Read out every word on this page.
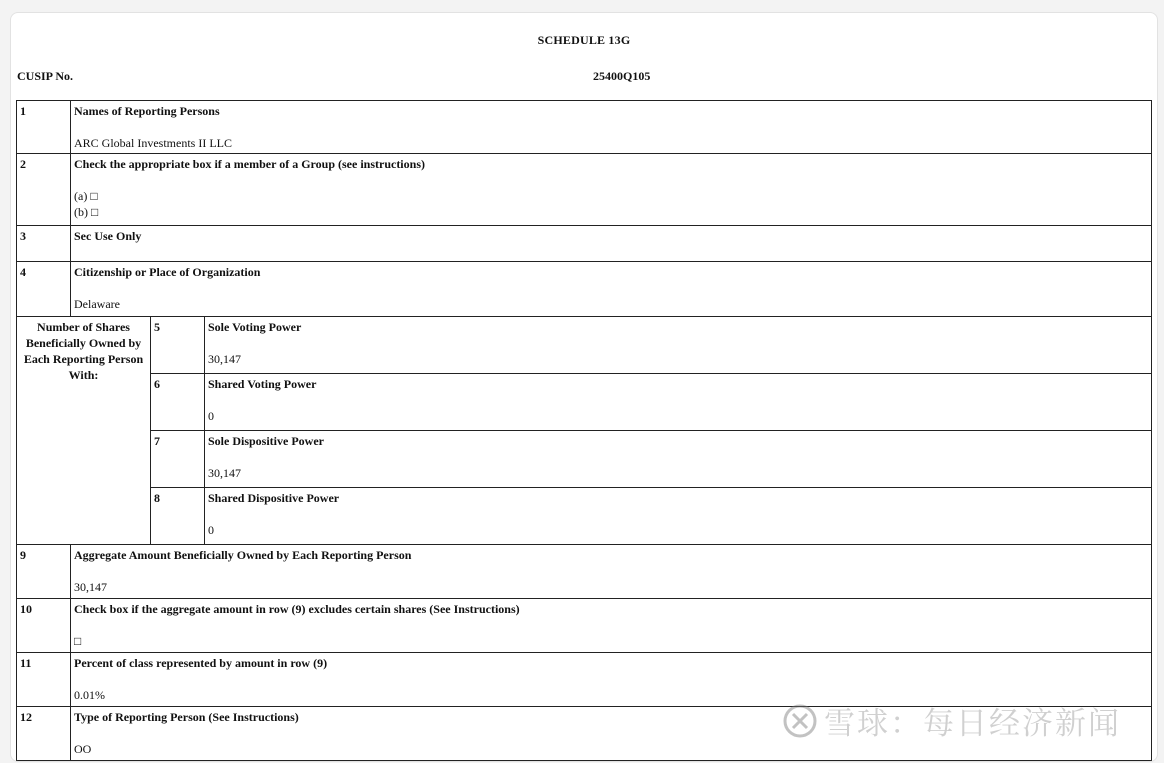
SCHEDULE 13G
CUSIP No.	25400Q105
1	Names of Reporting Persons
ARC Global Investments II LLC		

2	Check the appropriate box if a member of a Group (see instructions)
(a) □
(b) □		

3	Sec Use Only		

4	Citizenship or Place of Organization
Delaware		

Number of Shares Beneficially Owned by Each Reporting Person With:		5	Sole Voting Power
30,147

		6	Shared Voting Power
0

		7	Sole Dispositive Power
30,147

		8	Shared Dispositive Power
0

9	Aggregate Amount Beneficially Owned by Each Reporting Person
30,147		

10	Check box if the aggregate amount in row (9) excludes certain shares (See Instructions)
□		

11	Percent of class represented by amount in row (9)
0.01%		

12	Type of Reporting Person (See Instructions)
OO		
雪球：每日经济新闻
